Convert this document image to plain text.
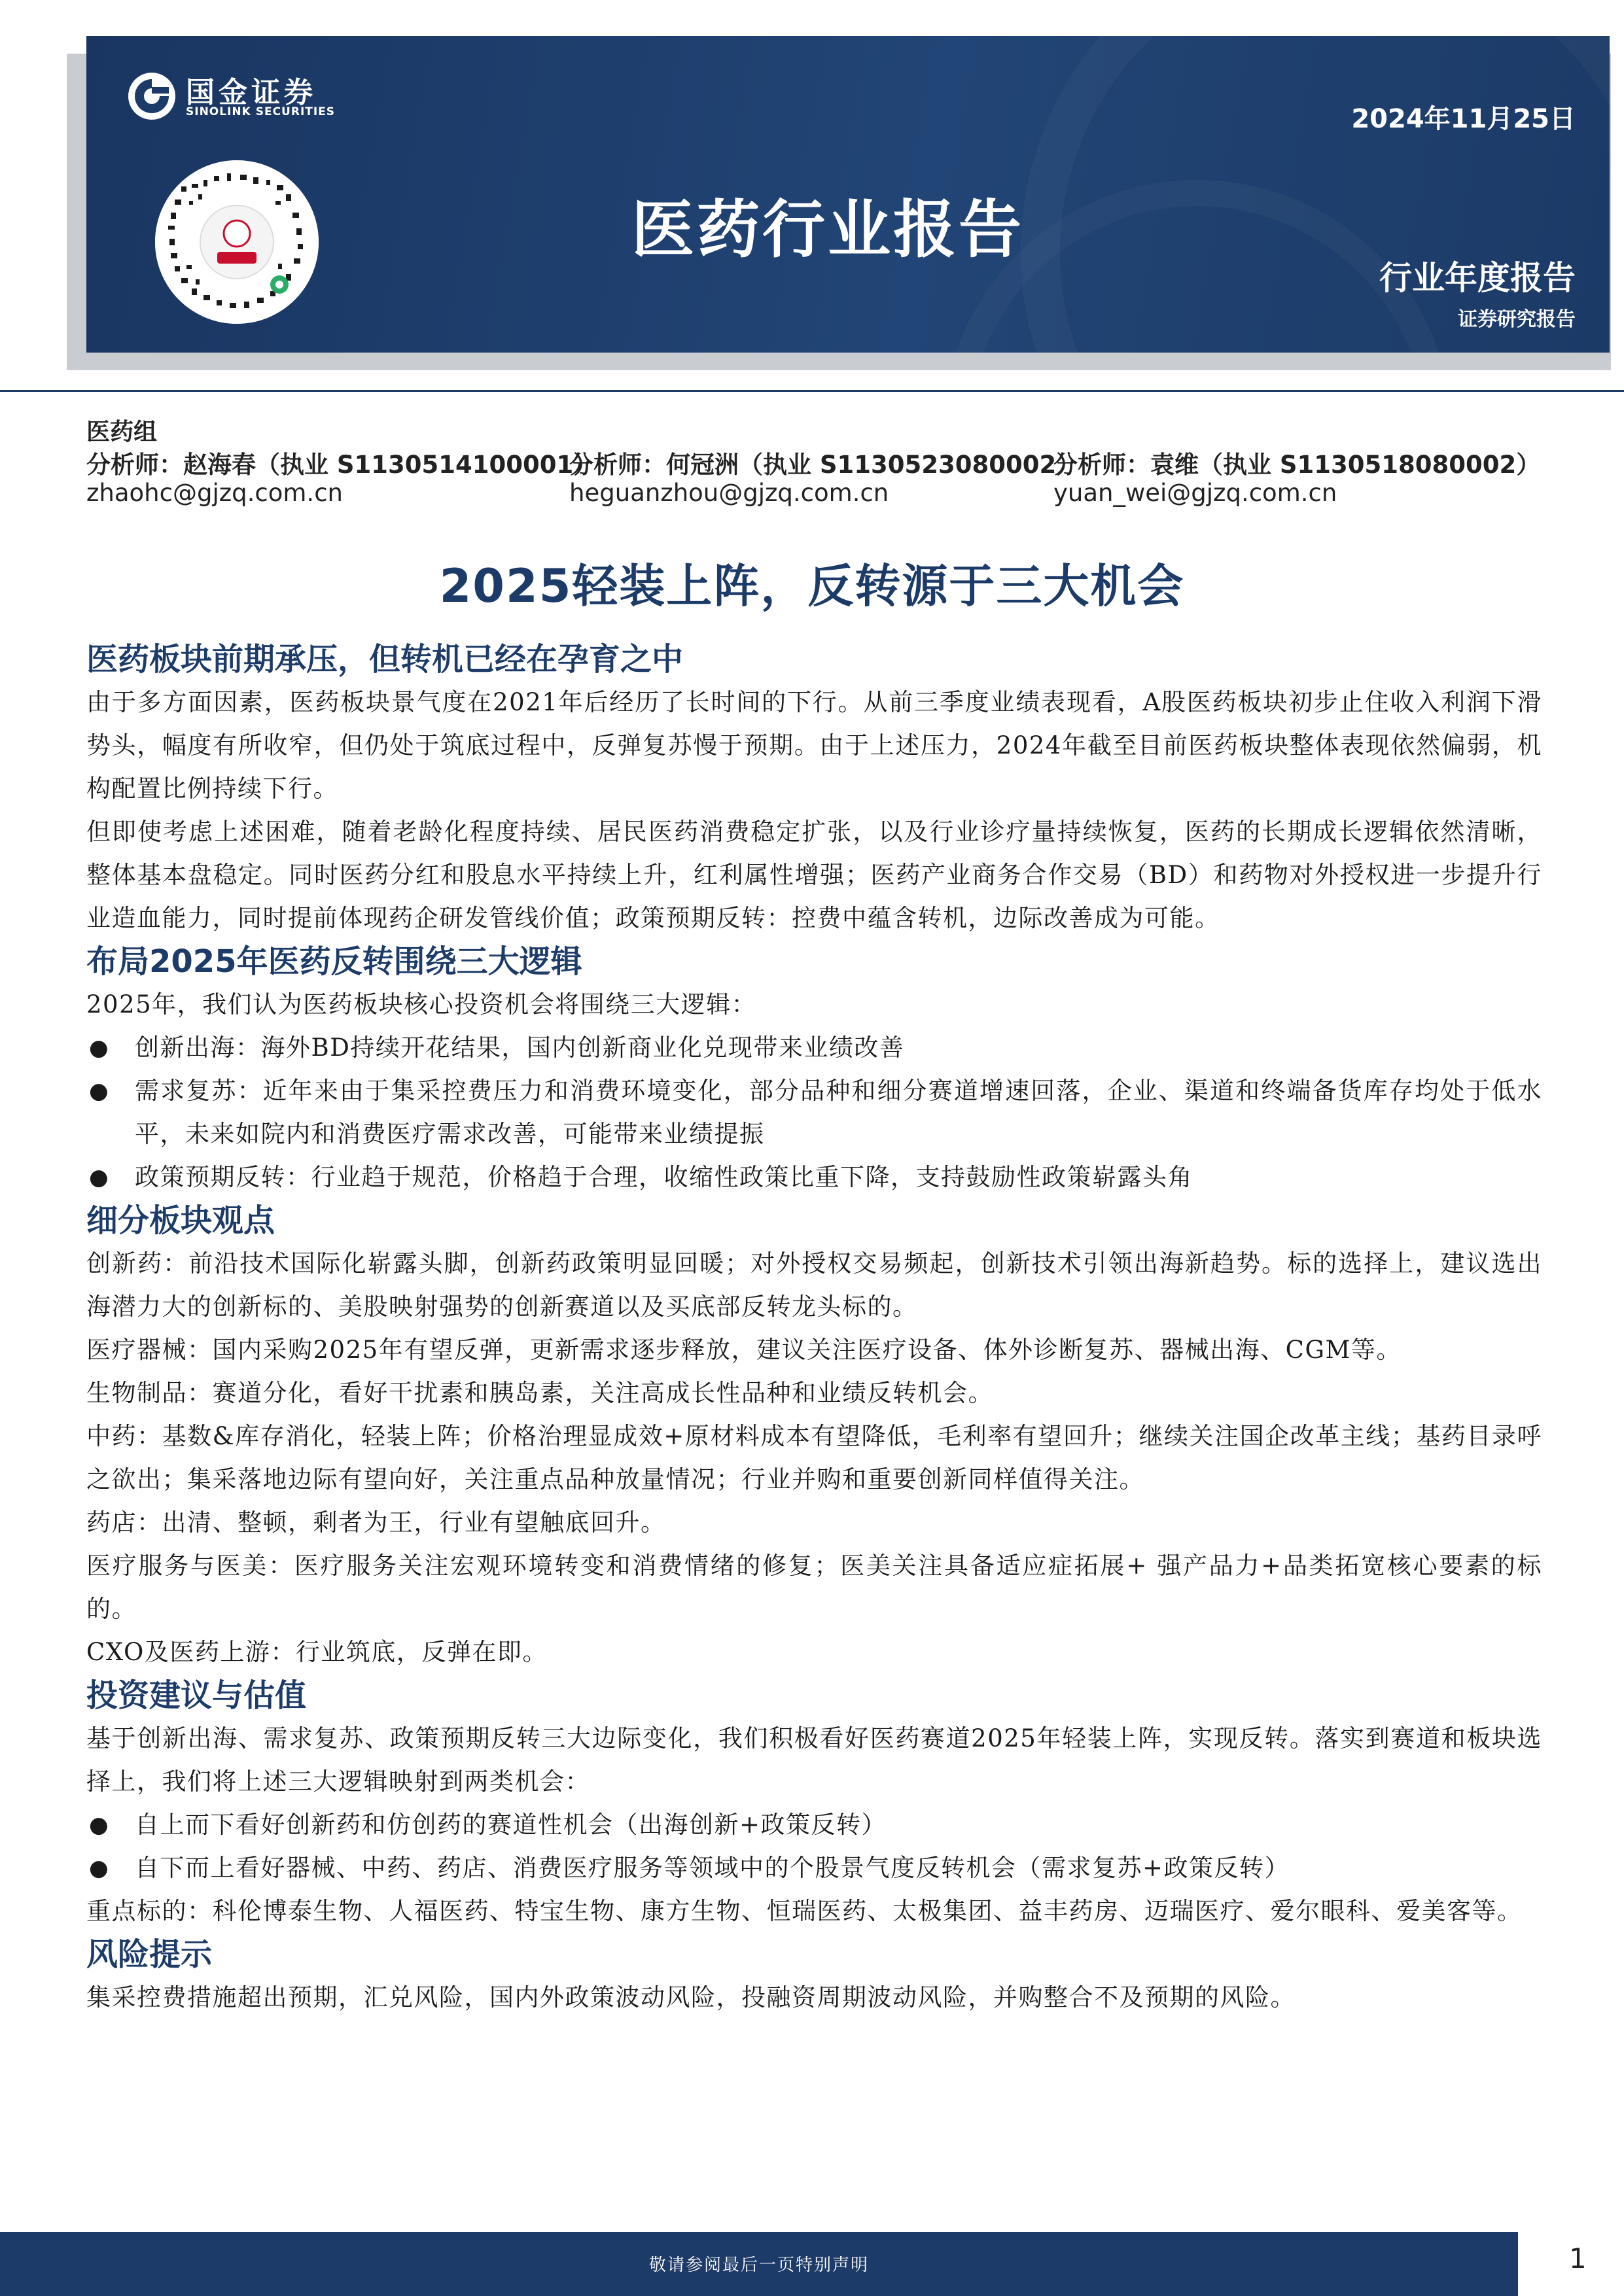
国金证券
SINOLINK SECURITIES	2024年11月25日
医药行业报告
行业年度报告
证券研究报告
医药组
分析师：赵海春（执业 S1130514100001）
分析师：何冠洲（执业 S1130523080002）
分析师：袁维（执业 S1130518080002）
zhaohc@gjzq.com.cn	heguanzhou@gjzq.com.cn	yuan_wei@gjzq.com.cn
2025轻装上阵，反转源于三大机会
医药板块前期承压，但转机已经在孕育之中

由于多方面因素，医药板块景气度在2021年后经历了长时间的下行。从前三季度业绩表现看，A股医药板块初步止住收入利润下滑势头，幅度有所收窄，但仍处于筑底过程中，反弹复苏慢于预期。由于上述压力，2024年截至目前医药板块整体表现依然偏弱，机构配置比例持续下行。

但即使考虑上述困难，随着老龄化程度持续、居民医药消费稳定扩张，以及行业诊疗量持续恢复，医药的长期成长逻辑依然清晰，整体基本盘稳定。同时医药分红和股息水平持续上升，红利属性增强；医药产业商务合作交易（BD）和药物对外授权进一步提升行业造血能力，同时提前体现药企研发管线价值；政策预期反转：控费中蕴含转机，边际改善成为可能。

布局2025年医药反转围绕三大逻辑

2025年，我们认为医药板块核心投资机会将围绕三大逻辑：

● 创新出海：海外BD持续开花结果，国内创新商业化兑现带来业绩改善

● 需求复苏：近年来由于集采控费压力和消费环境变化，部分品种和细分赛道增速回落，企业、渠道和终端备货库存均处于低水平，未来如院内和消费医疗需求改善，可能带来业绩提振

● 政策预期反转：行业趋于规范，价格趋于合理，收缩性政策比重下降，支持鼓励性政策崭露头角

细分板块观点

创新药：前沿技术国际化崭露头脚，创新药政策明显回暖；对外授权交易频起，创新技术引领出海新趋势。标的选择上，建议选出海潜力大的创新标的、美股映射强势的创新赛道以及买底部反转龙头标的。

医疗器械：国内采购2025年有望反弹，更新需求逐步释放，建议关注医疗设备、体外诊断复苏、器械出海、CGM等。

生物制品：赛道分化，看好干扰素和胰岛素，关注高成长性品种和业绩反转机会。

中药：基数&库存消化，轻装上阵；价格治理显成效+原材料成本有望降低，毛利率有望回升；继续关注国企改革主线；基药目录呼之欲出；集采落地边际有望向好，关注重点品种放量情况；行业并购和重要创新同样值得关注。

药店：出清、整顿，剩者为王，行业有望触底回升。

医疗服务与医美：医疗服务关注宏观环境转变和消费情绪的修复；医美关注具备适应症拓展+ 强产品力+品类拓宽核心要素的标的。

CXO及医药上游：行业筑底，反弹在即。

投资建议与估值

基于创新出海、需求复苏、政策预期反转三大边际变化，我们积极看好医药赛道2025年轻装上阵，实现反转。落实到赛道和板块选择上，我们将上述三大逻辑映射到两类机会：

● 自上而下看好创新药和仿创药的赛道性机会（出海创新+政策反转）

● 自下而上看好器械、中药、药店、消费医疗服务等领域中的个股景气度反转机会（需求复苏+政策反转）

重点标的：科伦博泰生物、人福医药、特宝生物、康方生物、恒瑞医药、太极集团、益丰药房、迈瑞医疗、爱尔眼科、爱美客等。

风险提示

集采控费措施超出预期，汇兑风险，国内外政策波动风险，投融资周期波动风险，并购整合不及预期的风险。

敬请参阅最后一页特别声明	1
